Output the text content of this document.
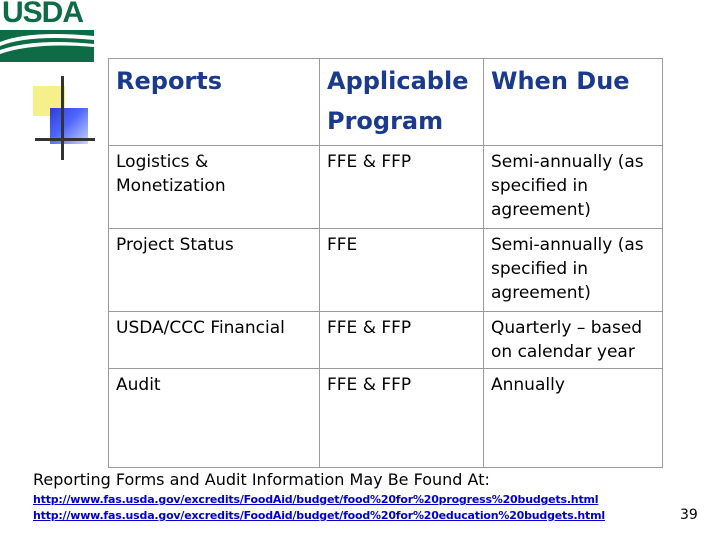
USDA
Reports	Applicable Program	When Due
Logistics & Monetization	FFE & FFP	Semi-annually (as specified in agreement)
Project Status	FFE	Semi-annually (as specified in agreement)
USDA/CCC Financial	FFE & FFP	Quarterly – based on calendar year
Audit	FFE & FFP	Annually
Reporting Forms and Audit Information May Be Found At:
http://www.fas.usda.gov/excredits/FoodAid/budget/food%20for%20progress%20budgets.html
http://www.fas.usda.gov/excredits/FoodAid/budget/food%20for%20education%20budgets.html	39
